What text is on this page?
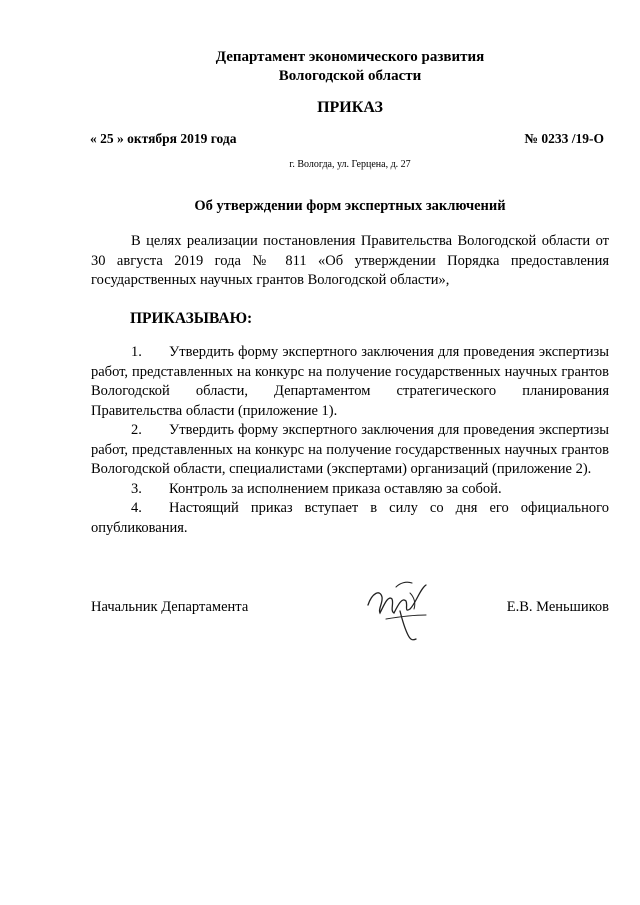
Департамент экономического развития
Вологодской области
ПРИКАЗ
« 25 » октября 2019 года	№ 0233 /19-О
г. Вологда, ул. Герцена, д. 27
Об утверждении форм экспертных заключений
В целях реализации постановления Правительства Вологодской области от 30 августа 2019 года № 811 «Об утверждении Порядка предоставления государственных научных грантов Вологодской области»,
ПРИКАЗЫВАЮ:

1. Утвердить форму экспертного заключения для проведения экспертизы работ, представленных на конкурс на получение государственных научных грантов Вологодской области, Департаментом стратегического планирования Правительства области (приложение 1).

2. Утвердить форму экспертного заключения для проведения экспертизы работ, представленных на конкурс на получение государственных научных грантов Вологодской области, специалистами (экспертами) организаций (приложение 2).

3. Контроль за исполнением приказа оставляю за собой.

4. Настоящий приказ вступает в силу со дня его официального опубликования.

Начальник Департамента	Е.В. Меньшиков
